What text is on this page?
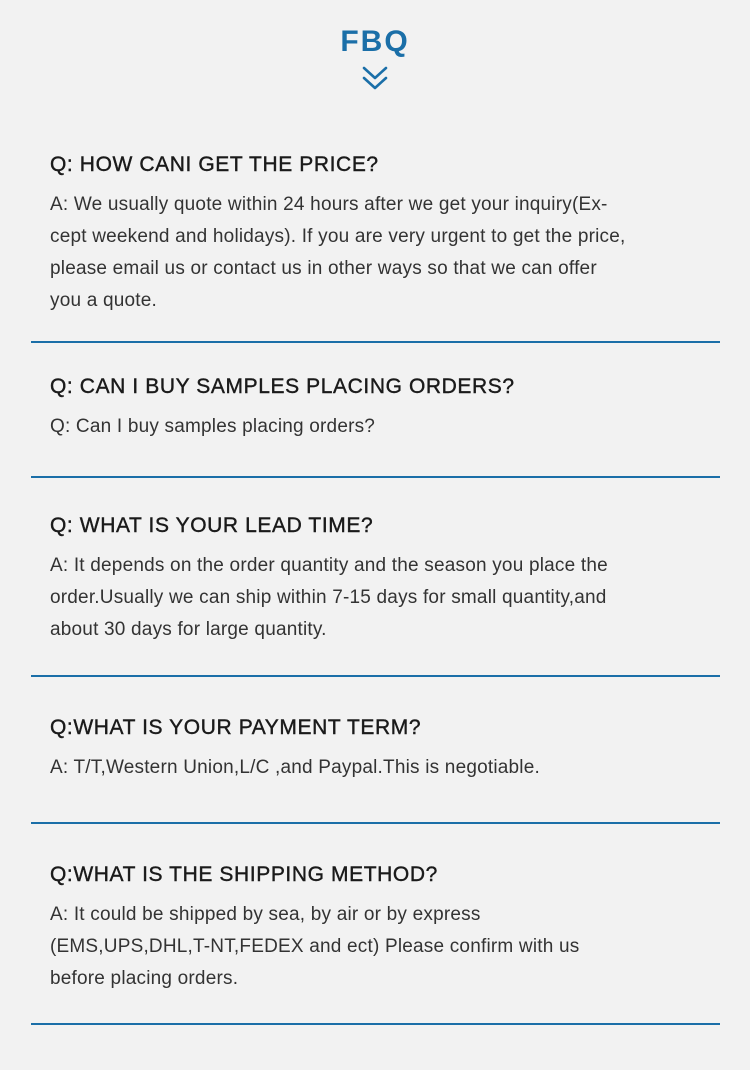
FBQ
Q: HOW CANI GET THE PRICE?
A: We usually quote within 24 hours after we get your inquiry(Ex-
cept weekend and holidays). If you are very urgent to get the price,
please email us or contact us in other ways so that we can offer
you a quote.
Q: CAN I BUY SAMPLES PLACING ORDERS?
Q: Can I buy samples placing orders?
Q: WHAT IS YOUR LEAD TIME?
A: It depends on the order quantity and the season you place the
order.Usually we can ship within 7-15 days for small quantity,and
about 30 days for large quantity.
Q:WHAT IS YOUR PAYMENT TERM?
A: T/T,Western Union,L/C ,and Paypal.This is negotiable.
Q:WHAT IS THE SHIPPING METHOD?
A: It could be shipped by sea, by air or by express
(EMS,UPS,DHL,T-NT,FEDEX and ect) Please confirm with us
before placing orders.
